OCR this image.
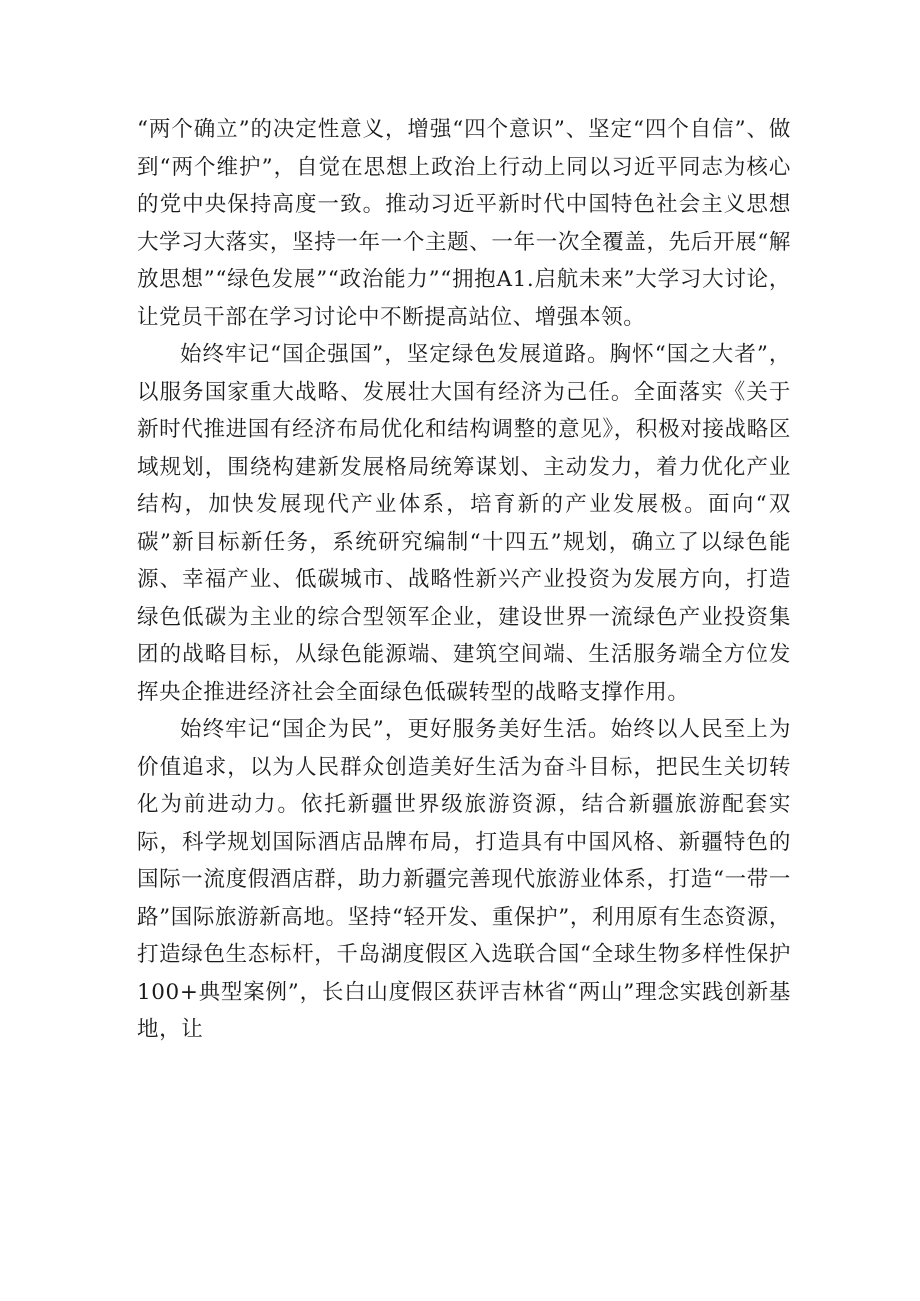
“两个确立”的决定性意义，增强“四个意识”、坚定“四个自信”、做到“两个维护”，自觉在思想上政治上行动上同以习近平同志为核心的党中央保持高度一致。推动习近平新时代中国特色社会主义思想大学习大落实，坚持一年一个主题、一年一次全覆盖，先后开展“解放思想”“绿色发展”“政治能力”“拥抱A1.启航未来”大学习大讨论，让党员干部在学习讨论中不断提高站位、增强本领。

始终牢记“国企强国”，坚定绿色发展道路。胸怀“国之大者”，以服务国家重大战略、发展壮大国有经济为己任。全面落实《关于新时代推进国有经济布局优化和结构调整的意见》，积极对接战略区域规划，围绕构建新发展格局统筹谋划、主动发力，着力优化产业结构，加快发展现代产业体系，培育新的产业发展极。面向“双碳”新目标新任务，系统研究编制“十四五”规划，确立了以绿色能源、幸福产业、低碳城市、战略性新兴产业投资为发展方向，打造绿色低碳为主业的综合型领军企业，建设世界一流绿色产业投资集团的战略目标，从绿色能源端、建筑空间端、生活服务端全方位发挥央企推进经济社会全面绿色低碳转型的战略支撑作用。

始终牢记“国企为民”，更好服务美好生活。始终以人民至上为价值追求，以为人民群众创造美好生活为奋斗目标，把民生关切转化为前进动力。依托新疆世界级旅游资源，结合新疆旅游配套实际，科学规划国际酒店品牌布局，打造具有中国风格、新疆特色的国际一流度假酒店群，助力新疆完善现代旅游业体系，打造“一带一路”国际旅游新高地。坚持“轻开发、重保护”，利用原有生态资源，打造绿色生态标杆，千岛湖度假区入选联合国“全球生物多样性保护100+典型案例”，长白山度假区获评吉林省“两山”理念实践创新基地，让
